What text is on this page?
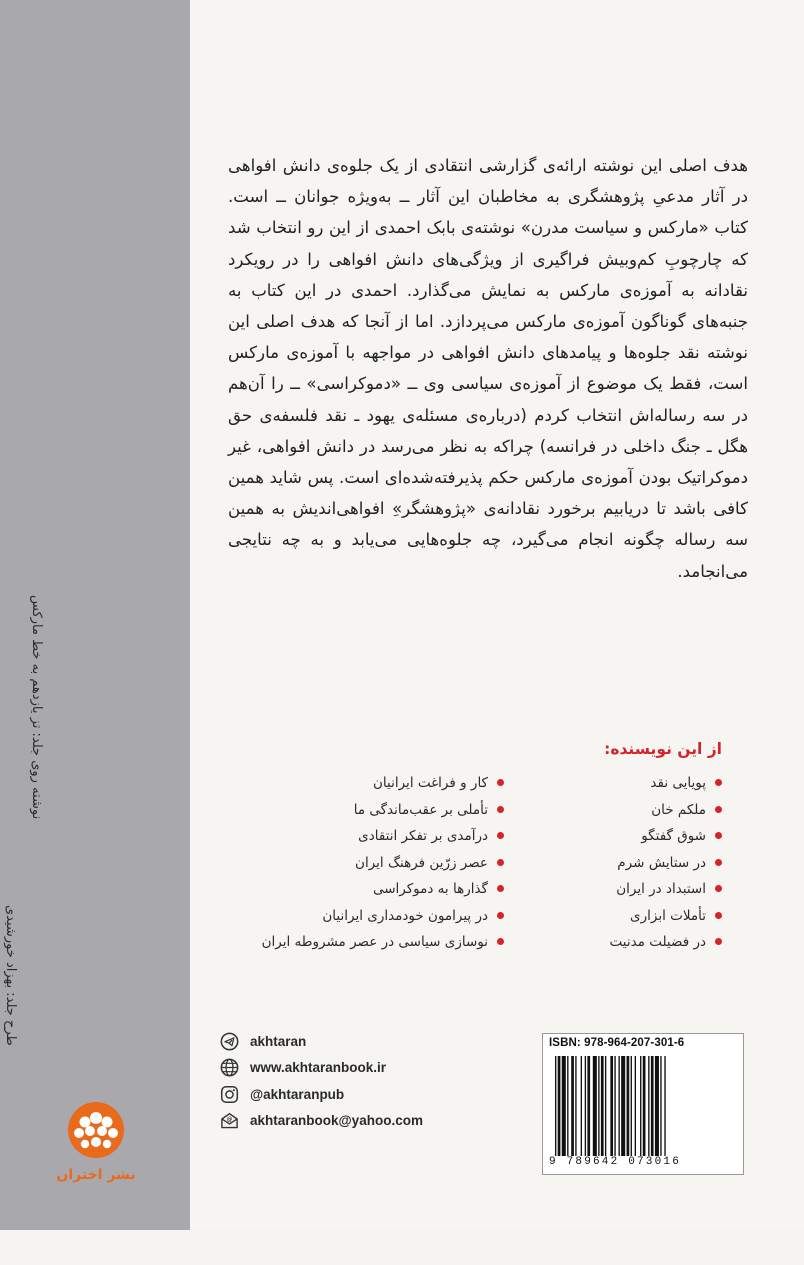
نوشته روی جلد: تز یازدهم به خط مارکس
طرح جلد: بهزاد خورشیدی

هدف اصلی این نوشته ارائه‌ی گزارشی انتقادی از یک جلوه‌ی دانش افواهی در آثار مدعیِ پژوهشگری به مخاطبان این آثار ــ به‌ویژه جوانان ــ است. کتاب «مارکس و سیاست مدرن» نوشته‌ی بابک احمدی از این رو انتخاب شد که چارچوبِ کم‌وبیش فراگیری از ویژگی‌های دانش افواهی را در رویکرد نقادانه به آموزه‌ی مارکس به نمایش می‌گذارد. احمدی در این کتاب به جنبه‌های گوناگون آموزه‌ی مارکس می‌پردازد. اما از آنجا که هدف اصلی این نوشته نقد جلوه‌ها و پیامدهای دانش افواهی در مواجهه با آموزه‌ی مارکس است، فقط یک موضوع از آموزه‌ی سیاسی وی ــ «دموکراسی» ــ را آن‌هم در سه رساله‌اش انتخاب کردم (درباره‌ی مسئله‌ی یهود ـ نقد فلسفه‌ی حق هگل ـ جنگ داخلی در فرانسه) چراکه به نظر می‌رسد در دانش افواهی، غیر دموکراتیک بودن آموزه‌ی مارکس حکم پذیرفته‌شده‌ای است. پس شاید همین کافی باشد تا دریابیم برخورد نقادانه‌ی «پژوهشگر»ِ افواهی‌اندیش به همین سه رساله چگونه انجام می‌گیرد، چه جلوه‌هایی می‌یابد و به چه نتایجی می‌انجامد.

از این نویسنده:
پویایی نقد
ملکم خان
شوق گفتگو
در ستایش شرم
استبداد در ایران
تأملات ابزاری
در فضیلت مدنیت
کار و فراغت ایرانیان
تأملی بر عقب‌ماندگی ما
درآمدی بر تفکر انتقادی
عصر زرّین فرهنگ ایران
گذارها به دموکراسی
در پیرامون خودمداری ایرانیان
نوسازی سیاسی در عصر مشروطه ایران
akhtaran
www.akhtaranbook.ir
@akhtaranpub
@ akhtaranbook@yahoo.com
ISBN: 978-964-207-301-6
9 789642 073016
نشر اختران
